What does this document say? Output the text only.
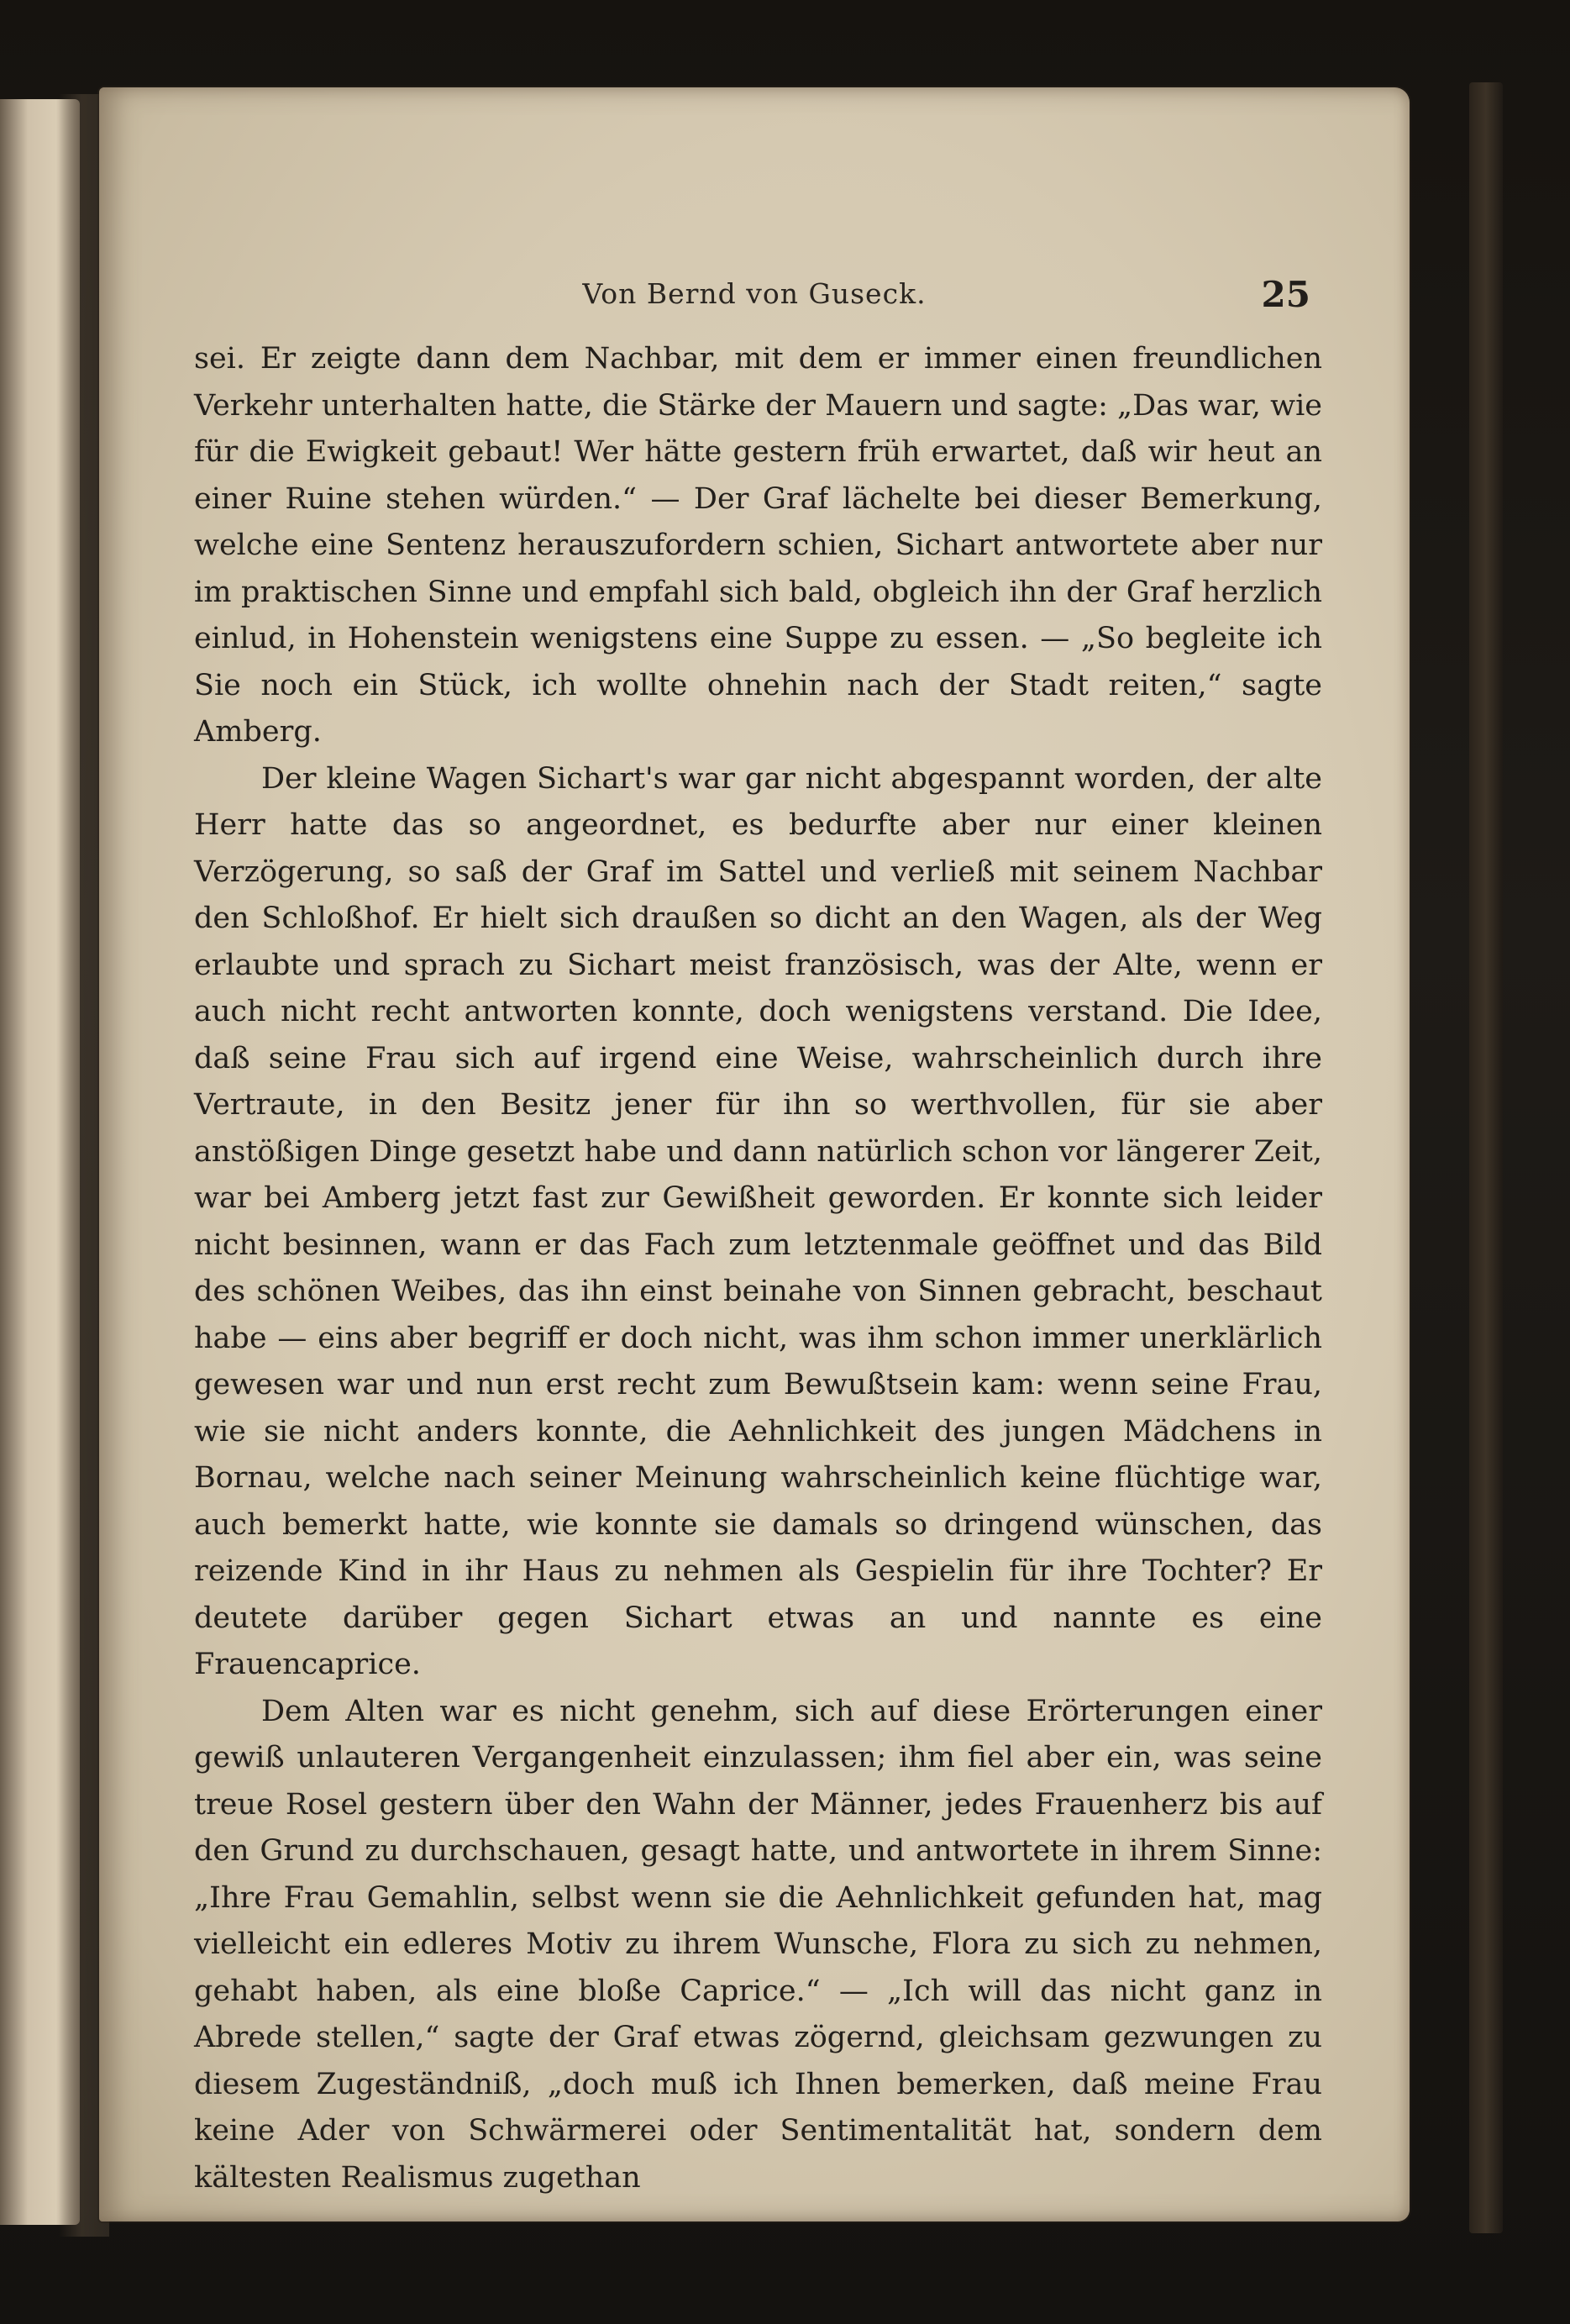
Von Bernd von Guseck.	25

sei. Er zeigte dann dem Nachbar, mit dem er immer einen freundlichen Verkehr unterhalten hatte, die Stärke der Mauern und sagte: „Das war, wie für die Ewigkeit gebaut! Wer hätte gestern früh erwartet, daß wir heut an einer Ruine stehen würden.“ — Der Graf lächelte bei dieser Bemerkung, welche eine Sentenz herauszufordern schien, Sichart antwortete aber nur im praktischen Sinne und empfahl sich bald, obgleich ihn der Graf herzlich einlud, in Hohenstein wenigstens eine Suppe zu essen. — „So begleite ich Sie noch ein Stück, ich wollte ohnehin nach der Stadt reiten,“ sagte Amberg.

Der kleine Wagen Sichart's war gar nicht abgespannt worden, der alte Herr hatte das so angeordnet, es bedurfte aber nur einer kleinen Verzögerung, so saß der Graf im Sattel und verließ mit seinem Nachbar den Schloßhof. Er hielt sich draußen so dicht an den Wagen, als der Weg erlaubte und sprach zu Sichart meist französisch, was der Alte, wenn er auch nicht recht antworten konnte, doch wenigstens verstand. Die Idee, daß seine Frau sich auf irgend eine Weise, wahrscheinlich durch ihre Vertraute, in den Besitz jener für ihn so werthvollen, für sie aber anstößigen Dinge gesetzt habe und dann natürlich schon vor längerer Zeit, war bei Amberg jetzt fast zur Gewißheit geworden. Er konnte sich leider nicht besinnen, wann er das Fach zum letztenmale geöffnet und das Bild des schönen Weibes, das ihn einst beinahe von Sinnen gebracht, beschaut habe — eins aber begriff er doch nicht, was ihm schon immer unerklärlich gewesen war und nun erst recht zum Bewußtsein kam: wenn seine Frau, wie sie nicht anders konnte, die Aehnlichkeit des jungen Mädchens in Bornau, welche nach seiner Meinung wahrscheinlich keine flüchtige war, auch bemerkt hatte, wie konnte sie damals so dringend wünschen, das reizende Kind in ihr Haus zu nehmen als Gespielin für ihre Tochter? Er deutete darüber gegen Sichart etwas an und nannte es eine Frauencaprice.

Dem Alten war es nicht genehm, sich auf diese Erörterungen einer gewiß unlauteren Vergangenheit einzulassen; ihm fiel aber ein, was seine treue Rosel gestern über den Wahn der Männer, jedes Frauenherz bis auf den Grund zu durchschauen, gesagt hatte, und antwortete in ihrem Sinne: „Ihre Frau Gemahlin, selbst wenn sie die Aehnlichkeit gefunden hat, mag vielleicht ein edleres Motiv zu ihrem Wunsche, Flora zu sich zu nehmen, gehabt haben, als eine bloße Caprice.“ — „Ich will das nicht ganz in Abrede stellen,“ sagte der Graf etwas zögernd, gleichsam gezwungen zu diesem Zugeständniß, „doch muß ich Ihnen bemerken, daß meine Frau keine Ader von Schwärmerei oder Sentimentalität hat, sondern dem kältesten Realismus zugethan
